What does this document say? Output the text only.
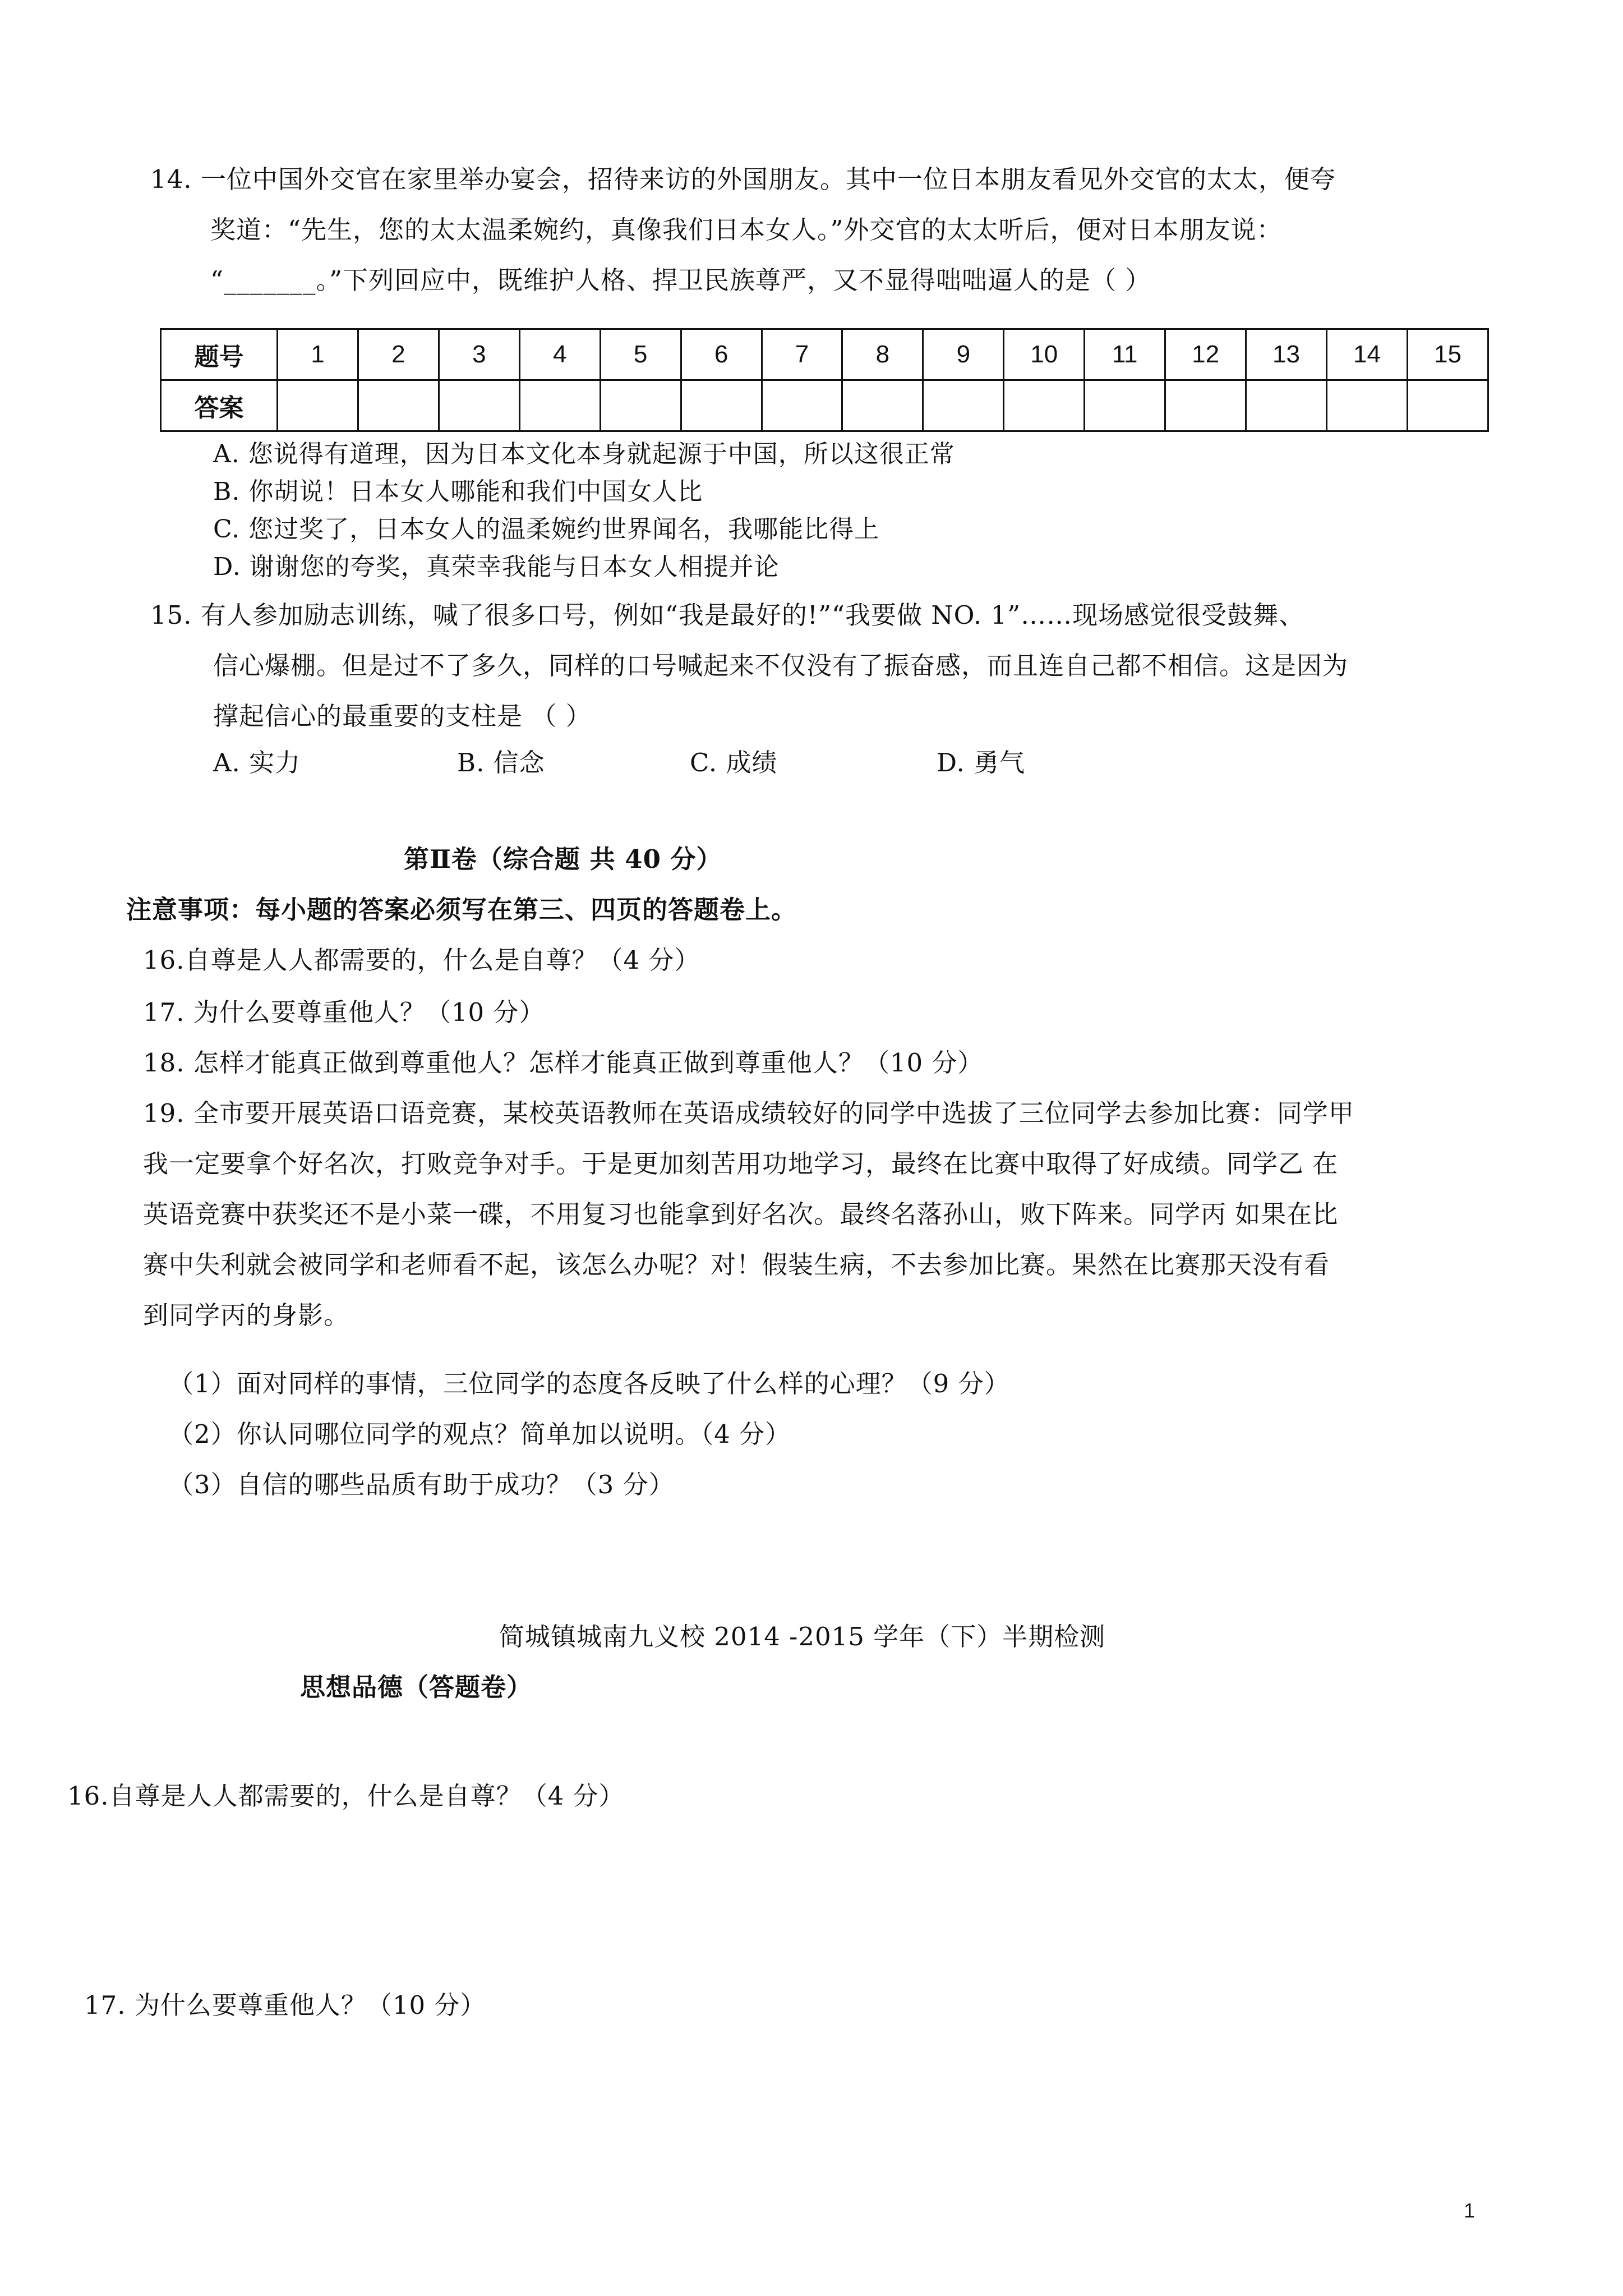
14. 一位中国外交官在家里举办宴会，招待来访的外国朋友。其中一位日本朋友看见外交官的太太，便夸
奖道：“先生，您的太太温柔婉约，真像我们日本女人。”外交官的太太听后，便对日本朋友说：
“_______。”下列回应中，既维护人格、捍卫民族尊严，又不显得咄咄逼人的是（ ）
题号	1	2	3	4	5	6	7	8	9	10	11	12	13	14	15
答案															
A. 您说得有道理，因为日本文化本身就起源于中国，所以这很正常
B. 你胡说！日本女人哪能和我们中国女人比
C. 您过奖了，日本女人的温柔婉约世界闻名，我哪能比得上
D. 谢谢您的夸奖，真荣幸我能与日本女人相提并论
15. 有人参加励志训练，喊了很多口号，例如“我是最好的!”“我要做 NO. 1”……现场感觉很受鼓舞、
信心爆棚。但是过不了多久，同样的口号喊起来不仅没有了振奋感，而且连自己都不相信。这是因为
撑起信心的最重要的支柱是 （ ）
A. 实力	B. 信念	C. 成绩	D. 勇气
第Ⅱ卷（综合题 共 40 分）
注意事项：每小题的答案必须写在第三、四页的答题卷上。
16.自尊是人人都需要的，什么是自尊？（4 分）
17. 为什么要尊重他人？（10 分）
18. 怎样才能真正做到尊重他人？怎样才能真正做到尊重他人？（10 分）
19. 全市要开展英语口语竞赛，某校英语教师在英语成绩较好的同学中选拔了三位同学去参加比赛：同学甲
我一定要拿个好名次，打败竞争对手。于是更加刻苦用功地学习，最终在比赛中取得了好成绩。同学乙 在
英语竞赛中获奖还不是小菜一碟，不用复习也能拿到好名次。最终名落孙山，败下阵来。同学丙 如果在比
赛中失利就会被同学和老师看不起，该怎么办呢？对！假装生病，不去参加比赛。果然在比赛那天没有看
到同学丙的身影。
（1）面对同样的事情，三位同学的态度各反映了什么样的心理？（9 分）
（2）你认同哪位同学的观点？简单加以说明。（4 分）
（3）自信的哪些品质有助于成功？（3 分）
简城镇城南九义校 2014 -2015 学年（下）半期检测
思想品德（答题卷）
16.自尊是人人都需要的，什么是自尊？（4 分）
17. 为什么要尊重他人？（10 分）
1
